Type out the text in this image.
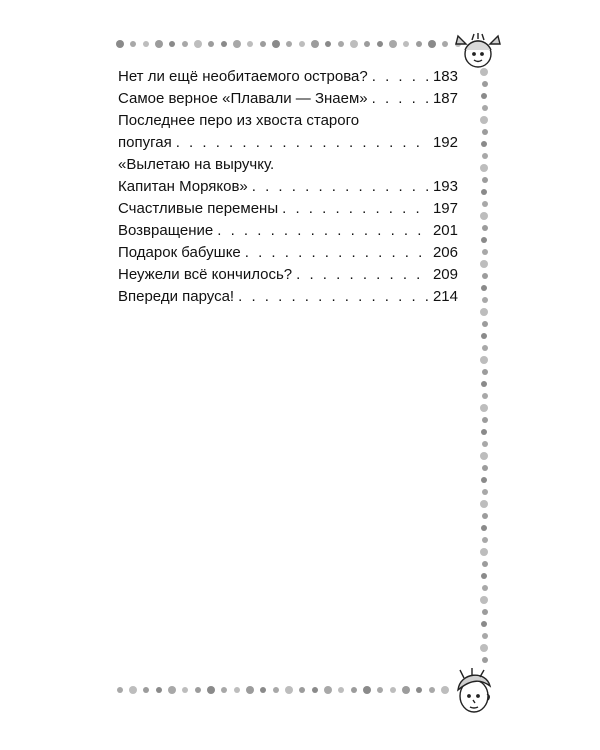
Нет ли ещё необитаемого острова? . . .	183
Самое верное «Плавали — Знаем» . . .	187
Последнее перо из хвоста старого
попугая . . .	192
«Вылетаю на выручку.
Капитан Моряков» . . .	193
Счастливые перемены . . .	197
Возвращение . . .	201
Подарок бабушке . . .	206
Неужели всё кончилось? . . .	209
Впереди паруса! . . .	214
